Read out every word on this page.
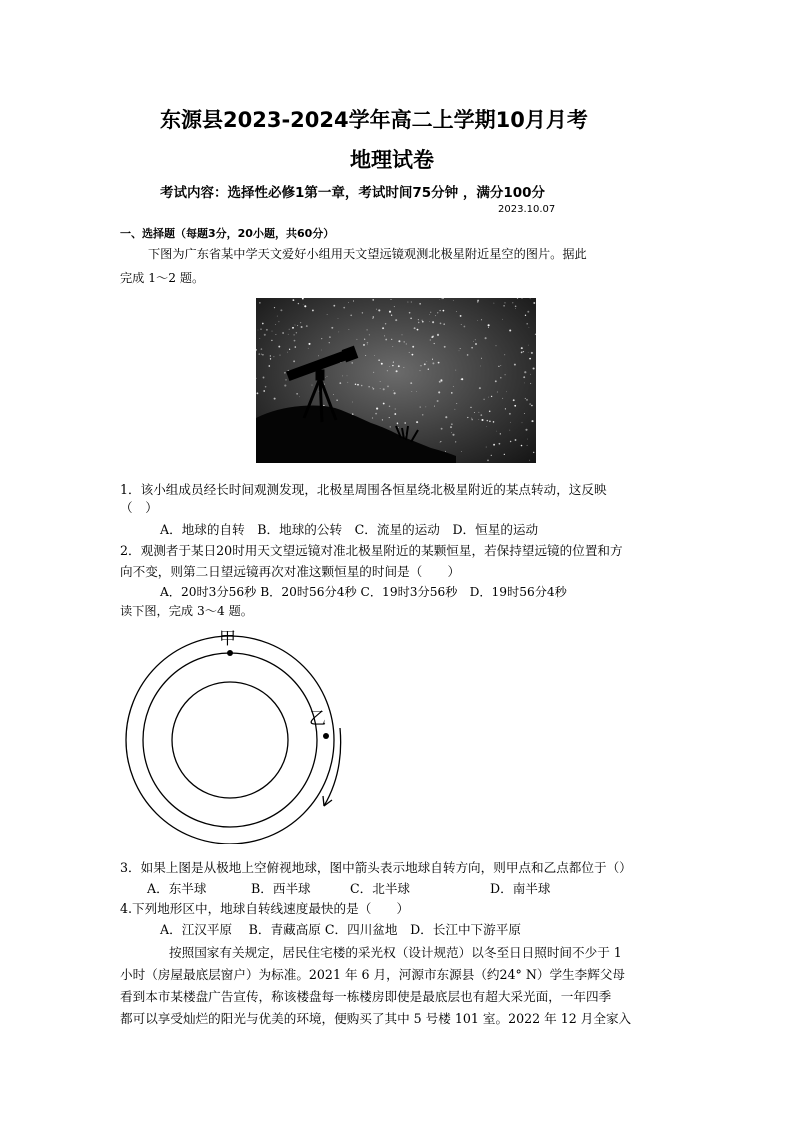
东源县2023-2024学年高二上学期10月月考
地理试卷
考试内容：选择性必修1第一章，考试时间75分钟 ，满分100分
2023.10.07
一、选择题（每题3分，20小题，共60分）
下图为广东省某中学天文爱好小组用天文望远镜观测北极星附近星空的图片。据此
完成 1～2 题。
1．该小组成员经长时间观测发现，北极星周围各恒星绕北极星附近的某点转动，这反映
（　）
A．地球的自转　B．地球的公转　C．流星的运动　D．恒星的运动
2．观测者于某日20时用天文望远镜对准北极星附近的某颗恒星，若保持望远镜的位置和方
向不变，则第二日望远镜再次对准这颗恒星的时间是（　　）
A．20时3分56秒 B．20时56分4秒 C．19时3分56秒　D．19时56分4秒
读下图，完成 3～4 题。
甲
乙
3．如果上图是从极地上空俯视地球，图中箭头表示地球自转方向，则甲点和乙点都位于（）
A．东半球	B．西半球	C．北半球	D．南半球
4.下列地形区中，地球自转线速度最快的是（　　）
A．江汉平原　 B．青藏高原 C．四川盆地　D．长江中下游平原
按照国家有关规定，居民住宅楼的采光权（设计规范）以冬至日日照时间不少于 1
小时（房屋最底层窗户）为标准。2021 年 6 月，河源市东源县（约24° N）学生李辉父母
看到本市某楼盘广告宣传，称该楼盘每一栋楼房即使是最底层也有超大采光面，一年四季
都可以享受灿烂的阳光与优美的环境，便购买了其中 5 号楼 101 室。2022 年 12 月全家入
